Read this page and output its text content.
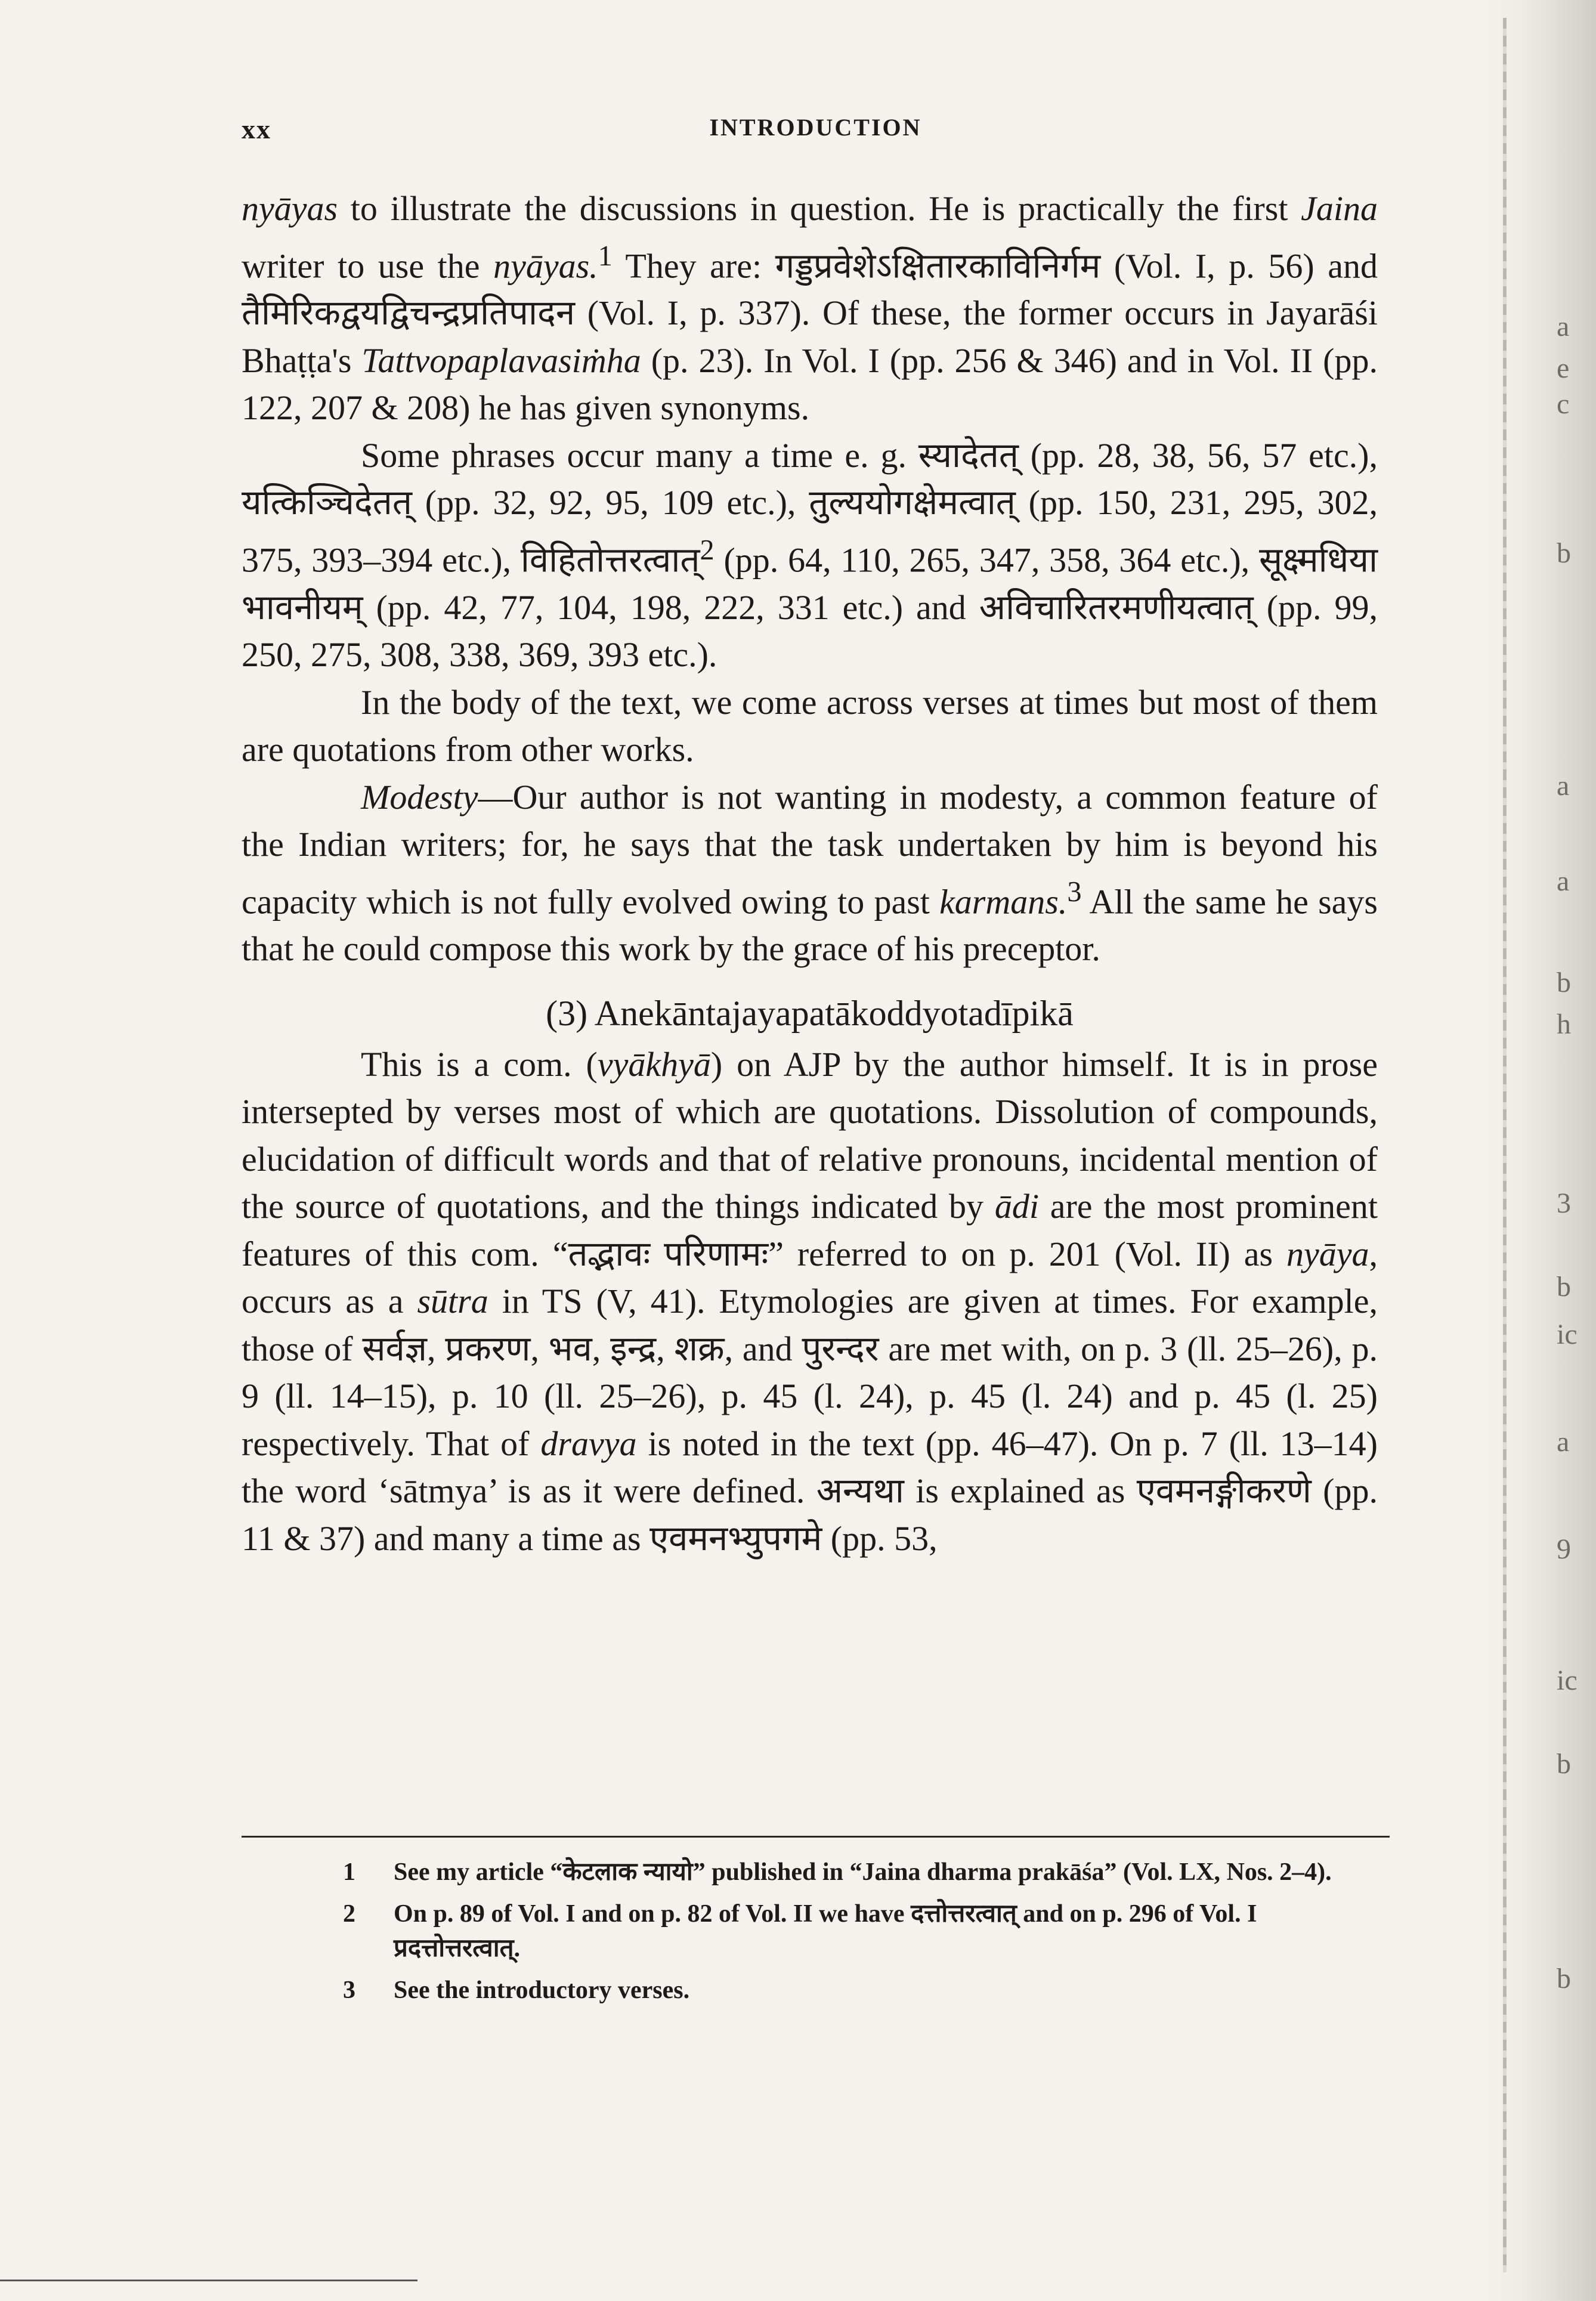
xx	INTRODUCTION

nyāyas to illustrate the discussions in question. He is practically the first Jaina writer to use the nyāyas.$^1$ They are: गड्डप्रवेशेऽक्षितारकाविनिर्गम (Vol. I, p. 56) and तैमिरिकद्वयद्विचन्द्रप्रतिपादन (Vol. I, p. 337). Of these, the former occurs in Jayarāśi Bhaṭṭa's Tattvopaplavasiṁha (p. 23). In Vol. I (pp. 256 & 346) and in Vol. II (pp. 122, 207 & 208) he has given synonyms.

Some phrases occur many a time e. g. स्यादेतत् (pp. 28, 38, 56, 57 etc.), यत्किञ्चिदेतत् (pp. 32, 92, 95, 109 etc.), तुल्ययोगक्षेमत्वात् (pp. 150, 231, 295, 302, 375, 393–394 etc.), विहितोत्तरत्वात्$^2$ (pp. 64, 110, 265, 347, 358, 364 etc.), सूक्ष्मधिया भावनीयम् (pp. 42, 77, 104, 198, 222, 331 etc.) and अविचारितरमणीयत्वात् (pp. 99, 250, 275, 308, 338, 369, 393 etc.).

In the body of the text, we come across verses at times but most of them are quotations from other works.

Modesty—Our author is not wanting in modesty, a common feature of the Indian writers; for, he says that the task undertaken by him is beyond his capacity which is not fully evolved owing to past karmans.$^3$ All the same he says that he could compose this work by the grace of his preceptor.

(3) Anekāntajayapatākoddyotadīpikā

This is a com. (vyākhyā) on AJP by the author himself. It is in prose intersepted by verses most of which are quotations. Dissolution of compounds, elucidation of difficult words and that of relative pronouns, incidental mention of the source of quotations, and the things indicated by ādi are the most prominent features of this com. “तद्भावः परिणामः” referred to on p. 201 (Vol. II) as nyāya, occurs as a sūtra in TS (V, 41). Etymologies are given at times. For example, those of सर्वज्ञ, प्रकरण, भव, इन्द्र, शक्र, and पुरन्दर are met with, on p. 3 (ll. 25–26), p. 9 (ll. 14–15), p. 10 (ll. 25–26), p. 45 (l. 24), p. 45 (l. 24) and p. 45 (l. 25) respectively. That of dravya is noted in the text (pp. 46–47). On p. 7 (ll. 13–14) the word ‘sātmya’ is as it were defined. अन्यथा is explained as एवमनङ्गीकरणे (pp. 11 & 37) and many a time as एवमनभ्युपगमे (pp. 53,

1 See my article “केटलाक न्यायो” published in “Jaina dharma prakāśa” (Vol. LX, Nos. 2–4).
2 On p. 89 of Vol. I and on p. 82 of Vol. II we have दत्तोत्तरत्वात् and on p. 296 of Vol. I प्रदत्तोत्तरत्वात्.
3 See the introductory verses.
a
e
c
b
a
a
b
h
3
b
ic
a
9
ic
b
b
